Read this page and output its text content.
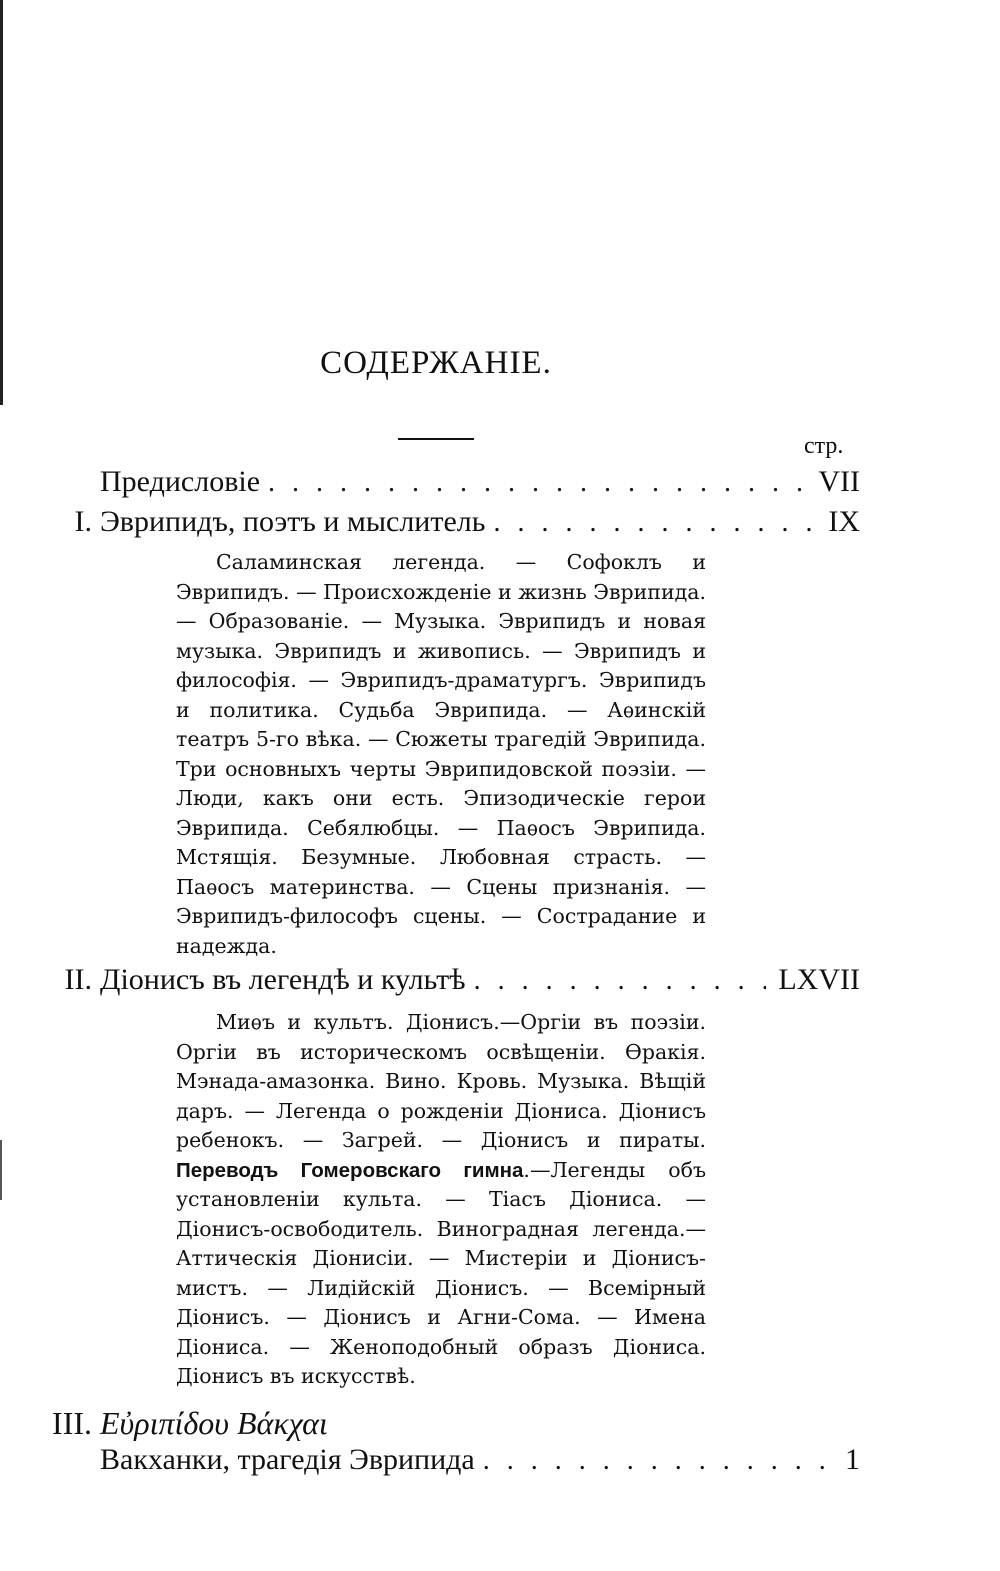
СОДЕРЖАНІЕ.
стр.
Предисловіе . . .	VII
I. Эврипидъ, поэтъ и мыслитель . . .	IX

Саламинская легенда. — Софоклъ и Эврипидъ. — Происхожденіе и жизнь Эврипида. — Образованіе. — Музыка. Эврипидъ и новая музыка. Эврипидъ и живопись. — Эврипидъ и философія. — Эврипидъ-драматургъ. Эврипидъ и политика. Судьба Эврипида. — Аѳинскій театръ 5-го вѣка. — Сюжеты трагедій Эврипида. Три основныхъ черты Эврипидовской поэзіи. — Люди, какъ они есть. Эпизодическіе герои Эврипида. Себялюбцы. — Паѳосъ Эврипида. Мстящія. Безумные. Любовная страсть. — Паѳосъ материнства. — Сцены признанія. — Эврипидъ-философъ сцены. — Сострадание и надежда.

II. Діонисъ въ легендѣ и культѣ . . .	LXVII

Миѳъ и культъ. Діонисъ.—Оргіи въ поэзіи. Оргіи въ историческомъ освѣщеніи. Ѳракія. Мэнада-амазонка. Вино. Кровь. Музыка. Вѣщій даръ. — Легенда о рожденіи Діониса. Діонисъ ребенокъ. — Загрей. — Діонисъ и пираты. Переводъ Гомеровскаго гимна.—Легенды объ установленіи культа. — Тіасъ Діониса. — Діонисъ-освободитель. Виноградная легенда.— Аттическія Діонисіи. — Мистеріи и Діонисъ-мистъ. — Лидійскій Діонисъ. — Всемірный Діонисъ. — Діонисъ и Агни-Сома. — Имена Діониса. — Женоподобный образъ Діониса. Діонисъ въ искусствѣ.

III. Εὐριπίδου Βάκχαι
Вакханки, трагедія Эврипида . . .	1
